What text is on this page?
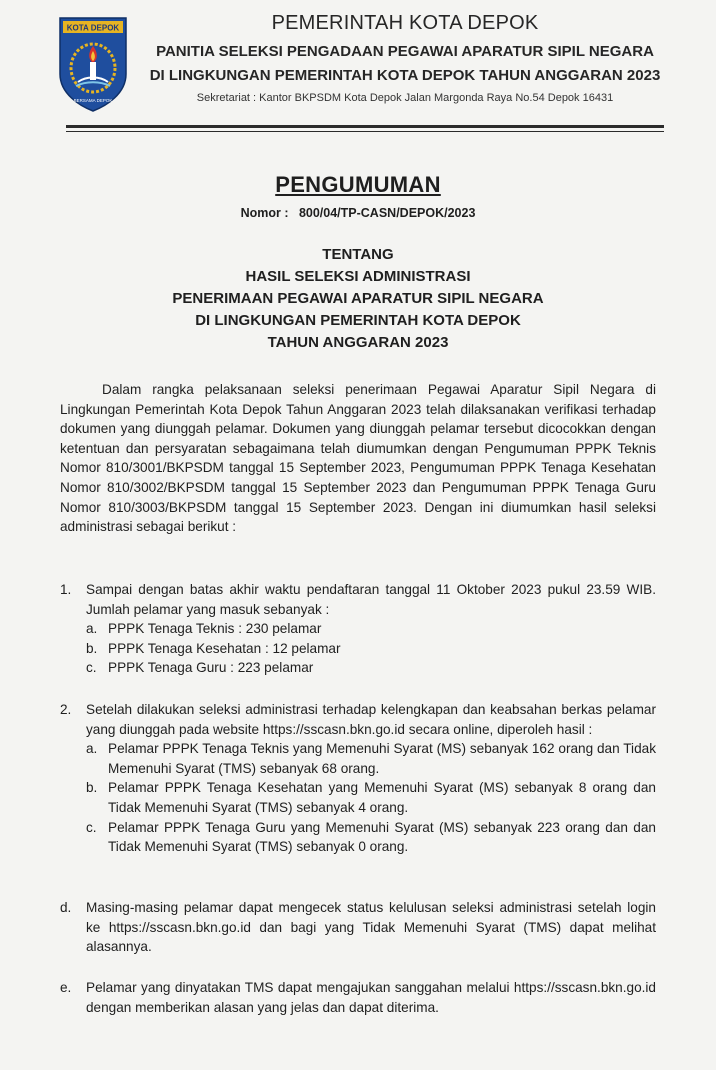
KOTA DEPOK
BERSAMA DEPOK
PEMERINTAH KOTA DEPOK
PANITIA SELEKSI PENGADAAN PEGAWAI APARATUR SIPIL NEGARA
DI LINGKUNGAN PEMERINTAH KOTA DEPOK TAHUN ANGGARAN 2023
Sekretariat : Kantor BKPSDM Kota Depok Jalan Margonda Raya No.54 Depok 16431
PENGUMUMAN
Nomor : 800/04/TP-CASN/DEPOK/2023
TENTANG
HASIL SELEKSI ADMINISTRASI
PENERIMAAN PEGAWAI APARATUR SIPIL NEGARA
DI LINGKUNGAN PEMERINTAH KOTA DEPOK
TAHUN ANGGARAN 2023
Dalam rangka pelaksanaan seleksi penerimaan Pegawai Aparatur Sipil Negara di Lingkungan Pemerintah Kota Depok Tahun Anggaran 2023 telah dilaksanakan verifikasi terhadap dokumen yang diunggah pelamar. Dokumen yang diunggah pelamar tersebut dicocokkan dengan ketentuan dan persyaratan sebagaimana telah diumumkan dengan Pengumuman PPPK Teknis Nomor 810/3001/BKPSDM tanggal 15 September 2023, Pengumuman PPPK Tenaga Kesehatan Nomor 810/3002/BKPSDM tanggal 15 September 2023 dan Pengumuman PPPK Tenaga Guru Nomor 810/3003/BKPSDM tanggal 15 September 2023. Dengan ini diumumkan hasil seleksi administrasi sebagai berikut :
1. Sampai dengan batas akhir waktu pendaftaran tanggal 11 Oktober 2023 pukul 23.59 WIB. Jumlah pelamar yang masuk sebanyak :
a. PPPK Tenaga Teknis : 230 pelamar
b. PPPK Tenaga Kesehatan : 12 pelamar
c. PPPK Tenaga Guru : 223 pelamar
2. Setelah dilakukan seleksi administrasi terhadap kelengkapan dan keabsahan berkas pelamar yang diunggah pada website https://sscasn.bkn.go.id secara online, diperoleh hasil :
a. Pelamar PPPK Tenaga Teknis yang Memenuhi Syarat (MS) sebanyak 162 orang dan Tidak Memenuhi Syarat (TMS) sebanyak 68 orang.
b. Pelamar PPPK Tenaga Kesehatan yang Memenuhi Syarat (MS) sebanyak 8 orang dan Tidak Memenuhi Syarat (TMS) sebanyak 4 orang.
c. Pelamar PPPK Tenaga Guru yang Memenuhi Syarat (MS) sebanyak 223 orang dan dan Tidak Memenuhi Syarat (TMS) sebanyak 0 orang.
d. Masing-masing pelamar dapat mengecek status kelulusan seleksi administrasi setelah login ke https://sscasn.bkn.go.id dan bagi yang Tidak Memenuhi Syarat (TMS) dapat melihat alasannya.
e. Pelamar yang dinyatakan TMS dapat mengajukan sanggahan melalui https://sscasn.bkn.go.id dengan memberikan alasan yang jelas dan dapat diterima.
